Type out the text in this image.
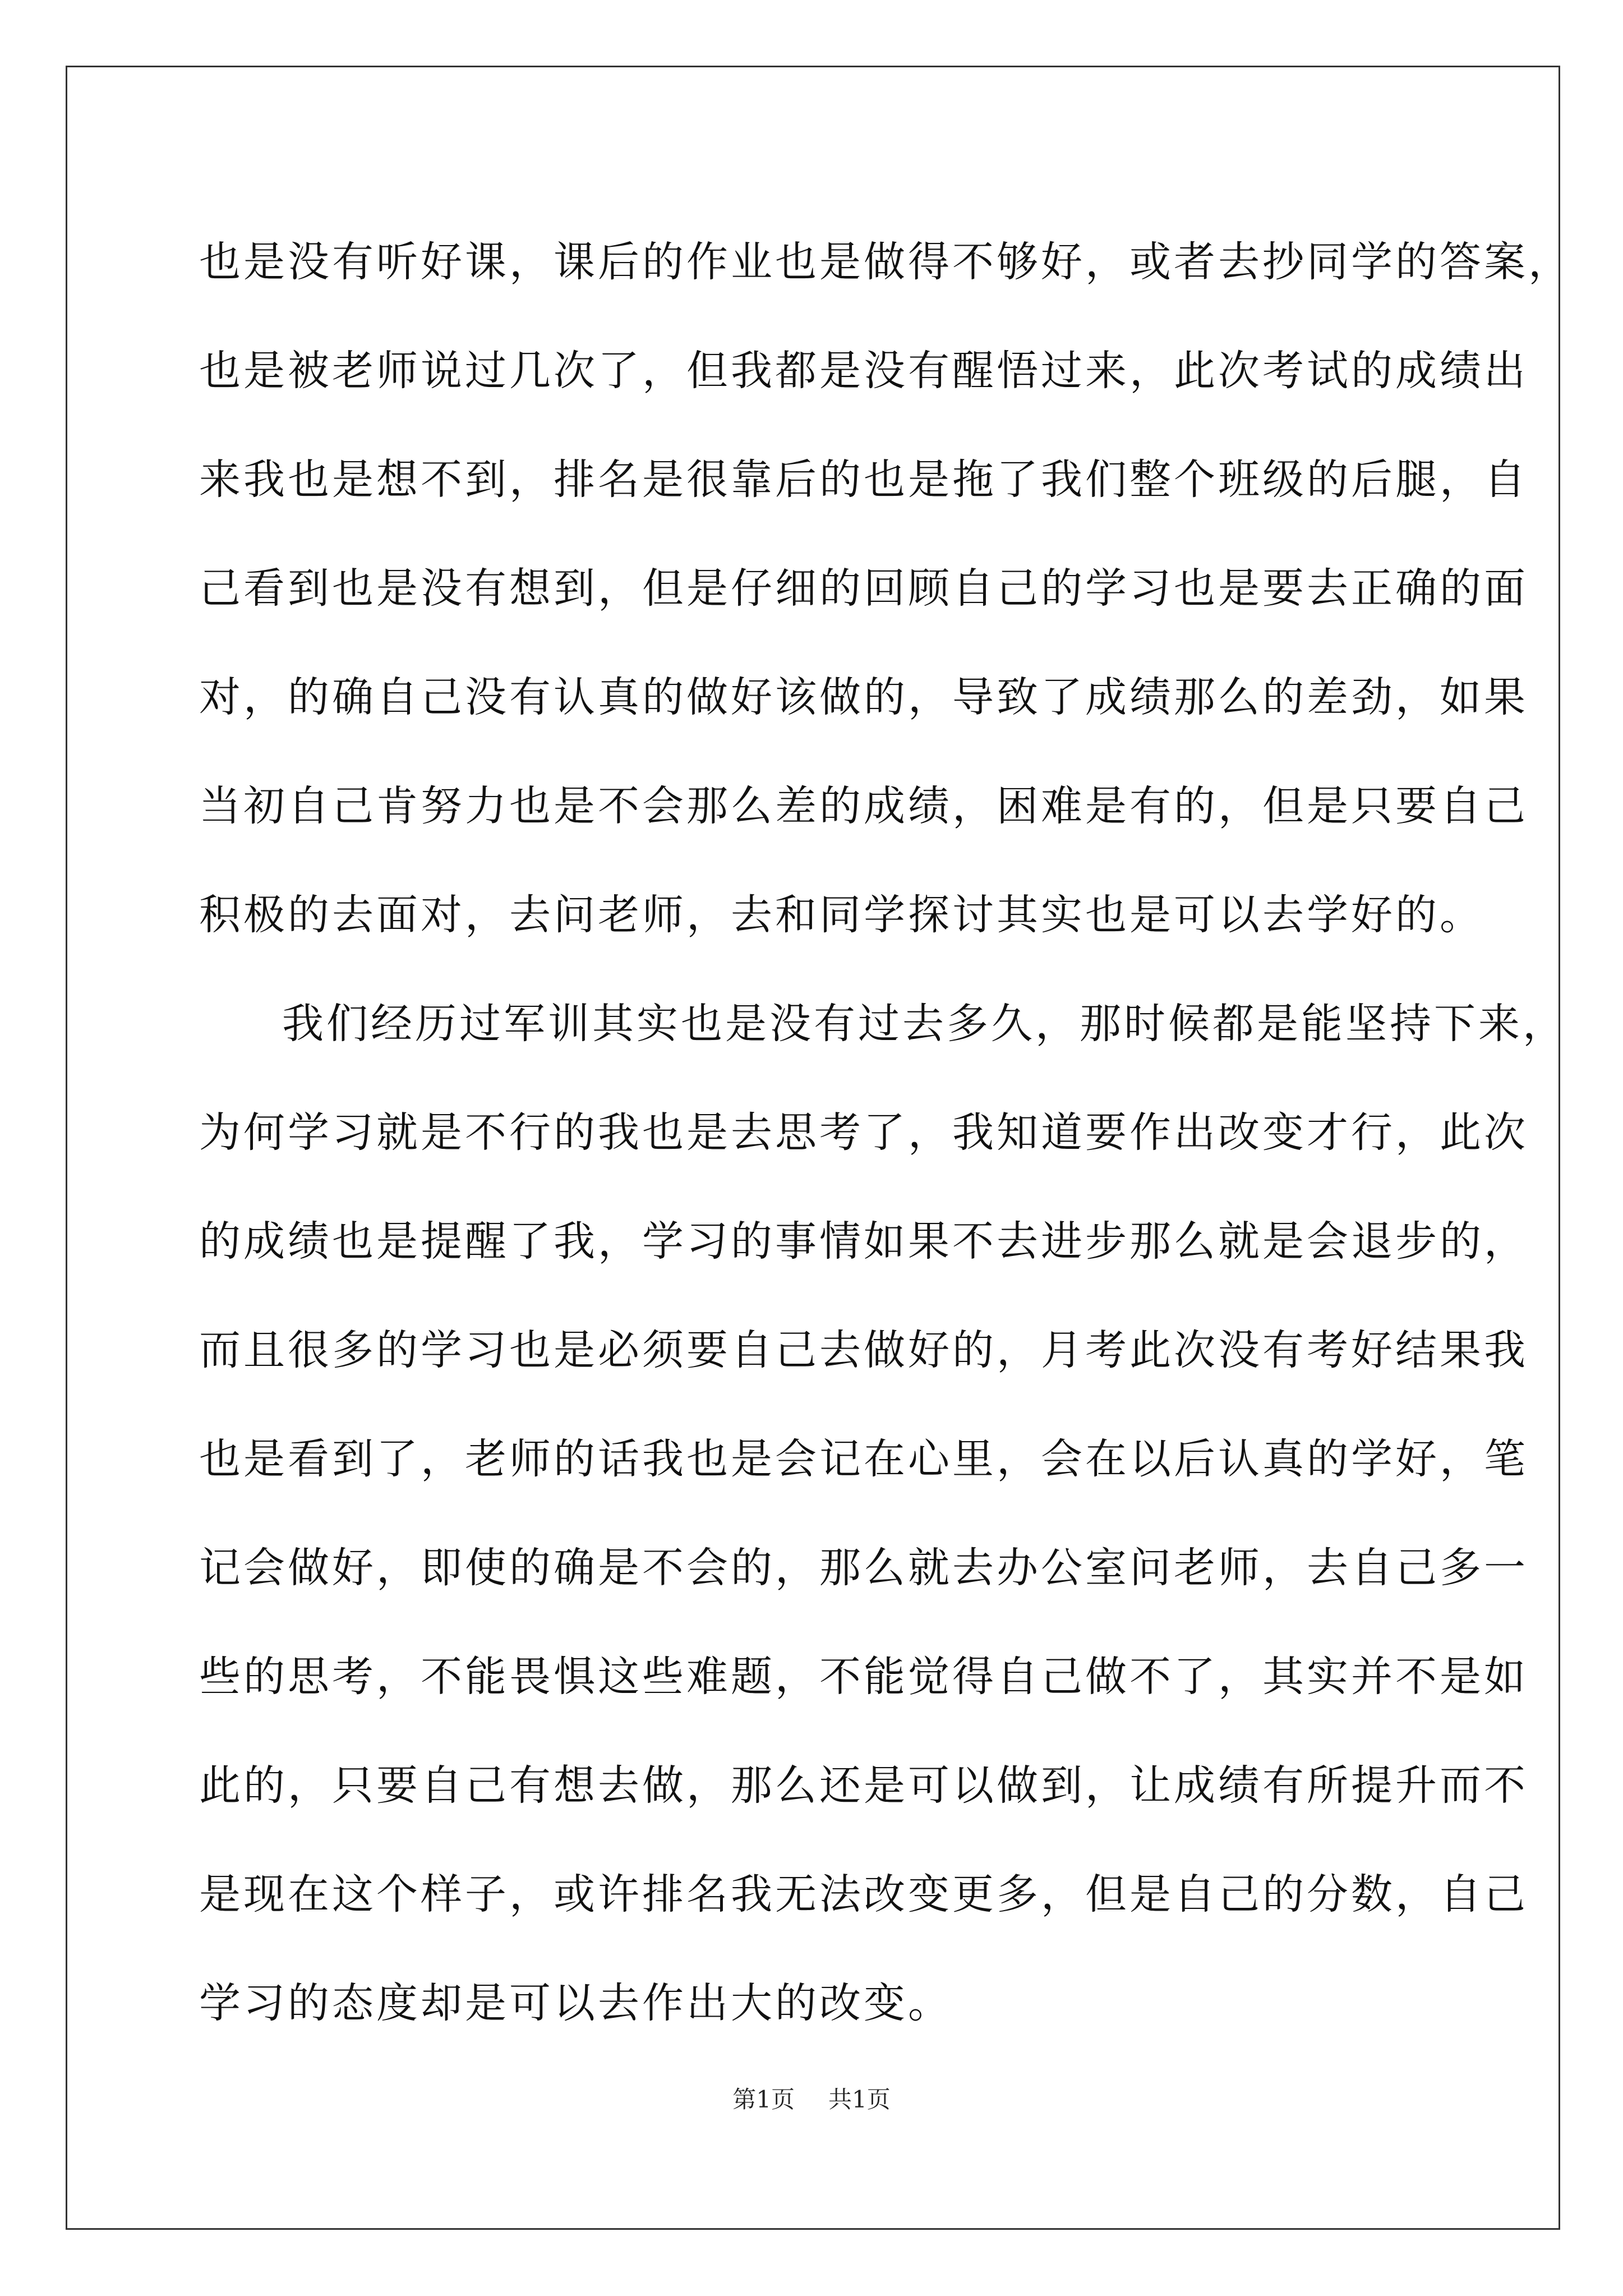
也是没有听好课，课后的作业也是做得不够好，或者去抄同学的答案，
也是被老师说过几次了，但我都是没有醒悟过来，此次考试的成绩出
来我也是想不到，排名是很靠后的也是拖了我们整个班级的后腿，自
己看到也是没有想到，但是仔细的回顾自己的学习也是要去正确的面
对，的确自己没有认真的做好该做的，导致了成绩那么的差劲，如果
当初自己肯努力也是不会那么差的成绩，困难是有的，但是只要自己
积极的去面对，去问老师，去和同学探讨其实也是可以去学好的。
我们经历过军训其实也是没有过去多久，那时候都是能坚持下来，
为何学习就是不行的我也是去思考了，我知道要作出改变才行，此次
的成绩也是提醒了我，学习的事情如果不去进步那么就是会退步的，
而且很多的学习也是必须要自己去做好的，月考此次没有考好结果我
也是看到了，老师的话我也是会记在心里，会在以后认真的学好，笔
记会做好，即使的确是不会的，那么就去办公室问老师，去自己多一
些的思考，不能畏惧这些难题，不能觉得自己做不了，其实并不是如
此的，只要自己有想去做，那么还是可以做到，让成绩有所提升而不
是现在这个样子，或许排名我无法改变更多，但是自己的分数，自己
学习的态度却是可以去作出大的改变。
第1页 共1页
